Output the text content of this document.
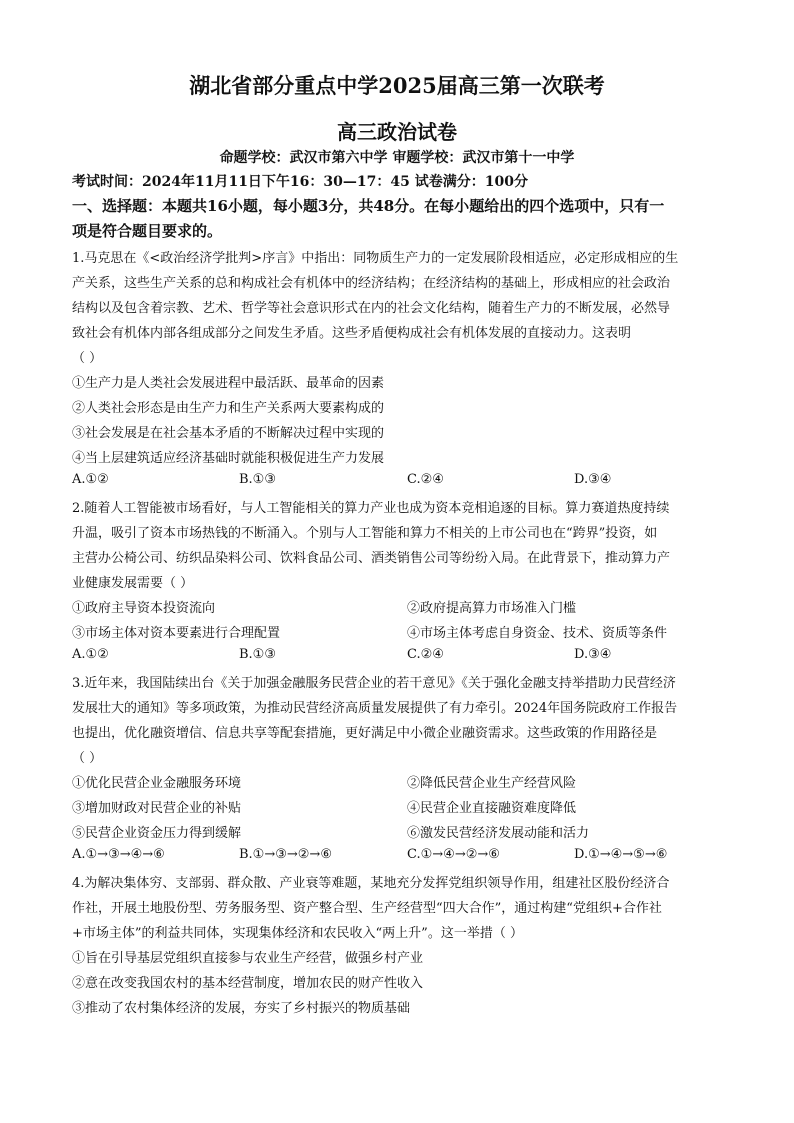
湖北省部分重点中学2025届高三第一次联考
高三政治试卷
命题学校：武汉市第六中学 审题学校：武汉市第十一中学
考试时间：2024年11月11日下午16：30—17：45 试卷满分：100分
一、选择题：本题共16小题，每小题3分，共48分。在每小题给出的四个选项中，只有一
项是符合题目要求的。
1.马克思在《<政治经济学批判>序言》中指出：同物质生产力的一定发展阶段相适应，必定形成相应的生
产关系，这些生产关系的总和构成社会有机体中的经济结构；在经济结构的基础上，形成相应的社会政治
结构以及包含着宗教、艺术、哲学等社会意识形式在内的社会文化结构，随着生产力的不断发展，必然导
致社会有机体内部各组成部分之间发生矛盾。这些矛盾便构成社会有机体发展的直接动力。这表明
（ ）
①生产力是人类社会发展进程中最活跃、最革命的因素
②人类社会形态是由生产力和生产关系两大要素构成的
③社会发展是在社会基本矛盾的不断解决过程中实现的
④当上层建筑适应经济基础时就能积极促进生产力发展
A.①②	B.①③	C.②④	D.③④
2.随着人工智能被市场看好，与人工智能相关的算力产业也成为资本竞相追逐的目标。算力赛道热度持续
升温，吸引了资本市场热钱的不断涌入。个别与人工智能和算力不相关的上市公司也在“跨界”投资，如
主营办公椅公司、纺织品染料公司、饮料食品公司、酒类销售公司等纷纷入局。在此背景下，推动算力产
业健康发展需要（ ）
①政府主导资本投资流向	②政府提高算力市场准入门槛
③市场主体对资本要素进行合理配置	④市场主体考虑自身资金、技术、资质等条件
A.①②	B.①③	C.②④	D.③④
3.近年来，我国陆续出台《关于加强金融服务民营企业的若干意见》《关于强化金融支持举措助力民营经济
发展壮大的通知》等多项政策，为推动民营经济高质量发展提供了有力牵引。2024年国务院政府工作报告
也提出，优化融资增信、信息共享等配套措施，更好满足中小微企业融资需求。这些政策的作用路径是
（ ）
①优化民营企业金融服务环境	②降低民营企业生产经营风险
③增加财政对民营企业的补贴	④民营企业直接融资难度降低
⑤民营企业资金压力得到缓解	⑥激发民营经济发展动能和活力
A.①→③→④→⑥	B.①→③→②→⑥	C.①→④→②→⑥	D.①→④→⑤→⑥
4.为解决集体穷、支部弱、群众散、产业衰等难题，某地充分发挥党组织领导作用，组建社区股份经济合
作社，开展土地股份型、劳务服务型、资产整合型、生产经营型“四大合作”，通过构建“党组织+合作社
+市场主体”的利益共同体，实现集体经济和农民收入“两上升”。这一举措（ ）
①旨在引导基层党组织直接参与农业生产经营，做强乡村产业
②意在改变我国农村的基本经营制度，增加农民的财产性收入
③推动了农村集体经济的发展，夯实了乡村振兴的物质基础
